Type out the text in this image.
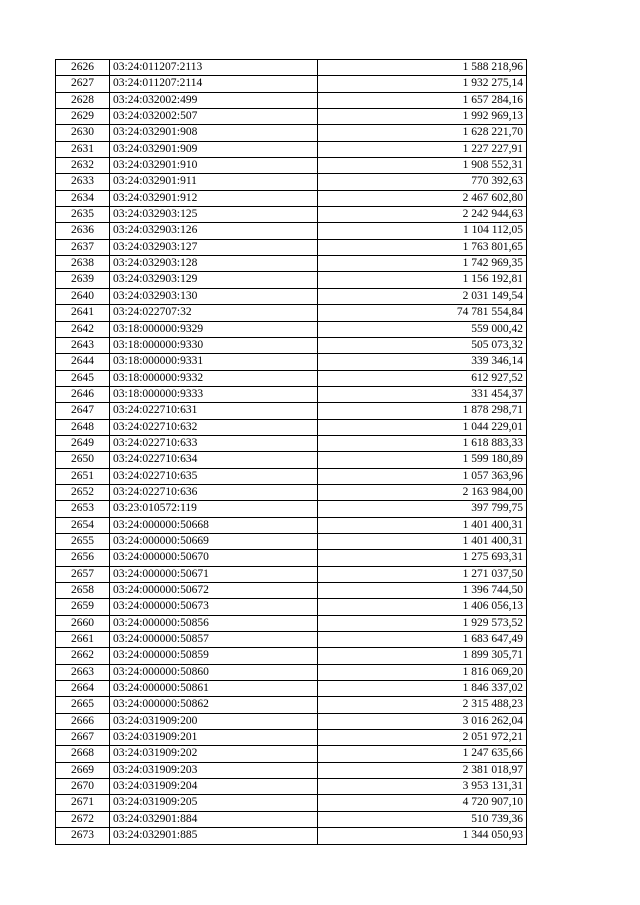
2626	03:24:011207:2113	1 588 218,96
2627	03:24:011207:2114	1 932 275,14
2628	03:24:032002:499	1 657 284,16
2629	03:24:032002:507	1 992 969,13
2630	03:24:032901:908	1 628 221,70
2631	03:24:032901:909	1 227 227,91
2632	03:24:032901:910	1 908 552,31
2633	03:24:032901:911	770 392,63
2634	03:24:032901:912	2 467 602,80
2635	03:24:032903:125	2 242 944,63
2636	03:24:032903:126	1 104 112,05
2637	03:24:032903:127	1 763 801,65
2638	03:24:032903:128	1 742 969,35
2639	03:24:032903:129	1 156 192,81
2640	03:24:032903:130	2 031 149,54
2641	03:24:022707:32	74 781 554,84
2642	03:18:000000:9329	559 000,42
2643	03:18:000000:9330	505 073,32
2644	03:18:000000:9331	339 346,14
2645	03:18:000000:9332	612 927,52
2646	03:18:000000:9333	331 454,37
2647	03:24:022710:631	1 878 298,71
2648	03:24:022710:632	1 044 229,01
2649	03:24:022710:633	1 618 883,33
2650	03:24:022710:634	1 599 180,89
2651	03:24:022710:635	1 057 363,96
2652	03:24:022710:636	2 163 984,00
2653	03:23:010572:119	397 799,75
2654	03:24:000000:50668	1 401 400,31
2655	03:24:000000:50669	1 401 400,31
2656	03:24:000000:50670	1 275 693,31
2657	03:24:000000:50671	1 271 037,50
2658	03:24:000000:50672	1 396 744,50
2659	03:24:000000:50673	1 406 056,13
2660	03:24:000000:50856	1 929 573,52
2661	03:24:000000:50857	1 683 647,49
2662	03:24:000000:50859	1 899 305,71
2663	03:24:000000:50860	1 816 069,20
2664	03:24:000000:50861	1 846 337,02
2665	03:24:000000:50862	2 315 488,23
2666	03:24:031909:200	3 016 262,04
2667	03:24:031909:201	2 051 972,21
2668	03:24:031909:202	1 247 635,66
2669	03:24:031909:203	2 381 018,97
2670	03:24:031909:204	3 953 131,31
2671	03:24:031909:205	4 720 907,10
2672	03:24:032901:884	510 739,36
2673	03:24:032901:885	1 344 050,93
